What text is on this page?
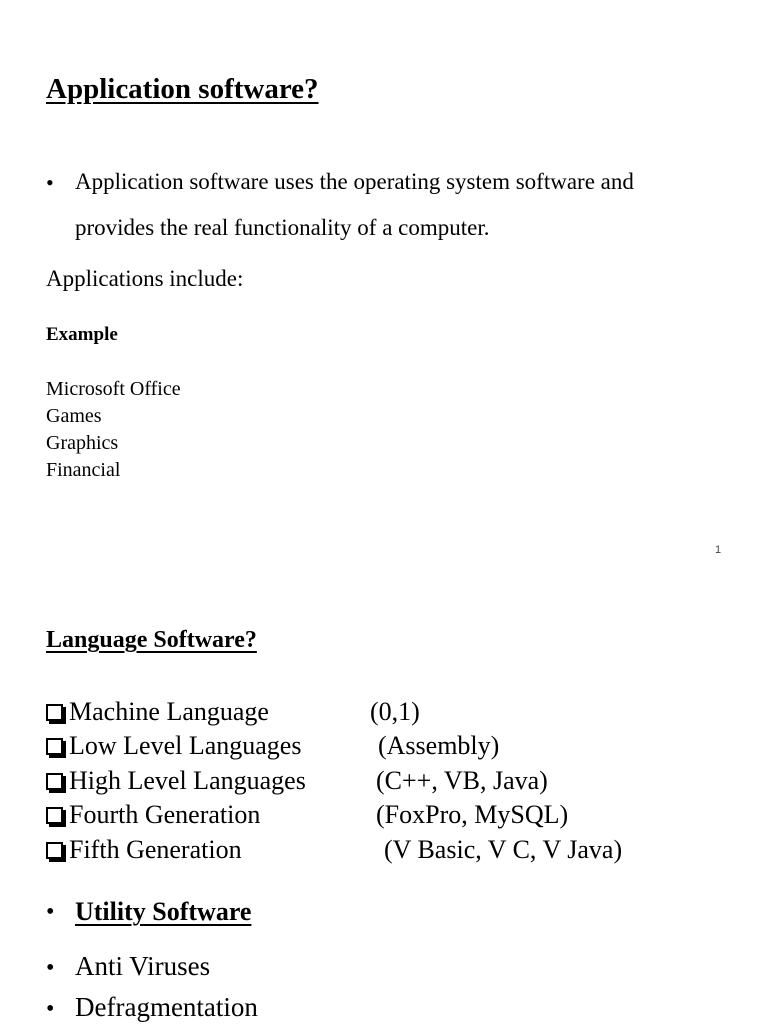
Application software?
• Application software uses the operating system software and
provides the real functionality of a computer.
Applications include:
Example
Microsoft Office
Games
Graphics
Financial
1
Language Software?
Machine Language	(0,1)
Low Level Languages	(Assembly)
High Level Languages	(C++, VB, Java)
Fourth Generation	(FoxPro, MySQL)
Fifth Generation	(V Basic, V C, V Java)
• Utility Software
• Anti Viruses
• Defragmentation
